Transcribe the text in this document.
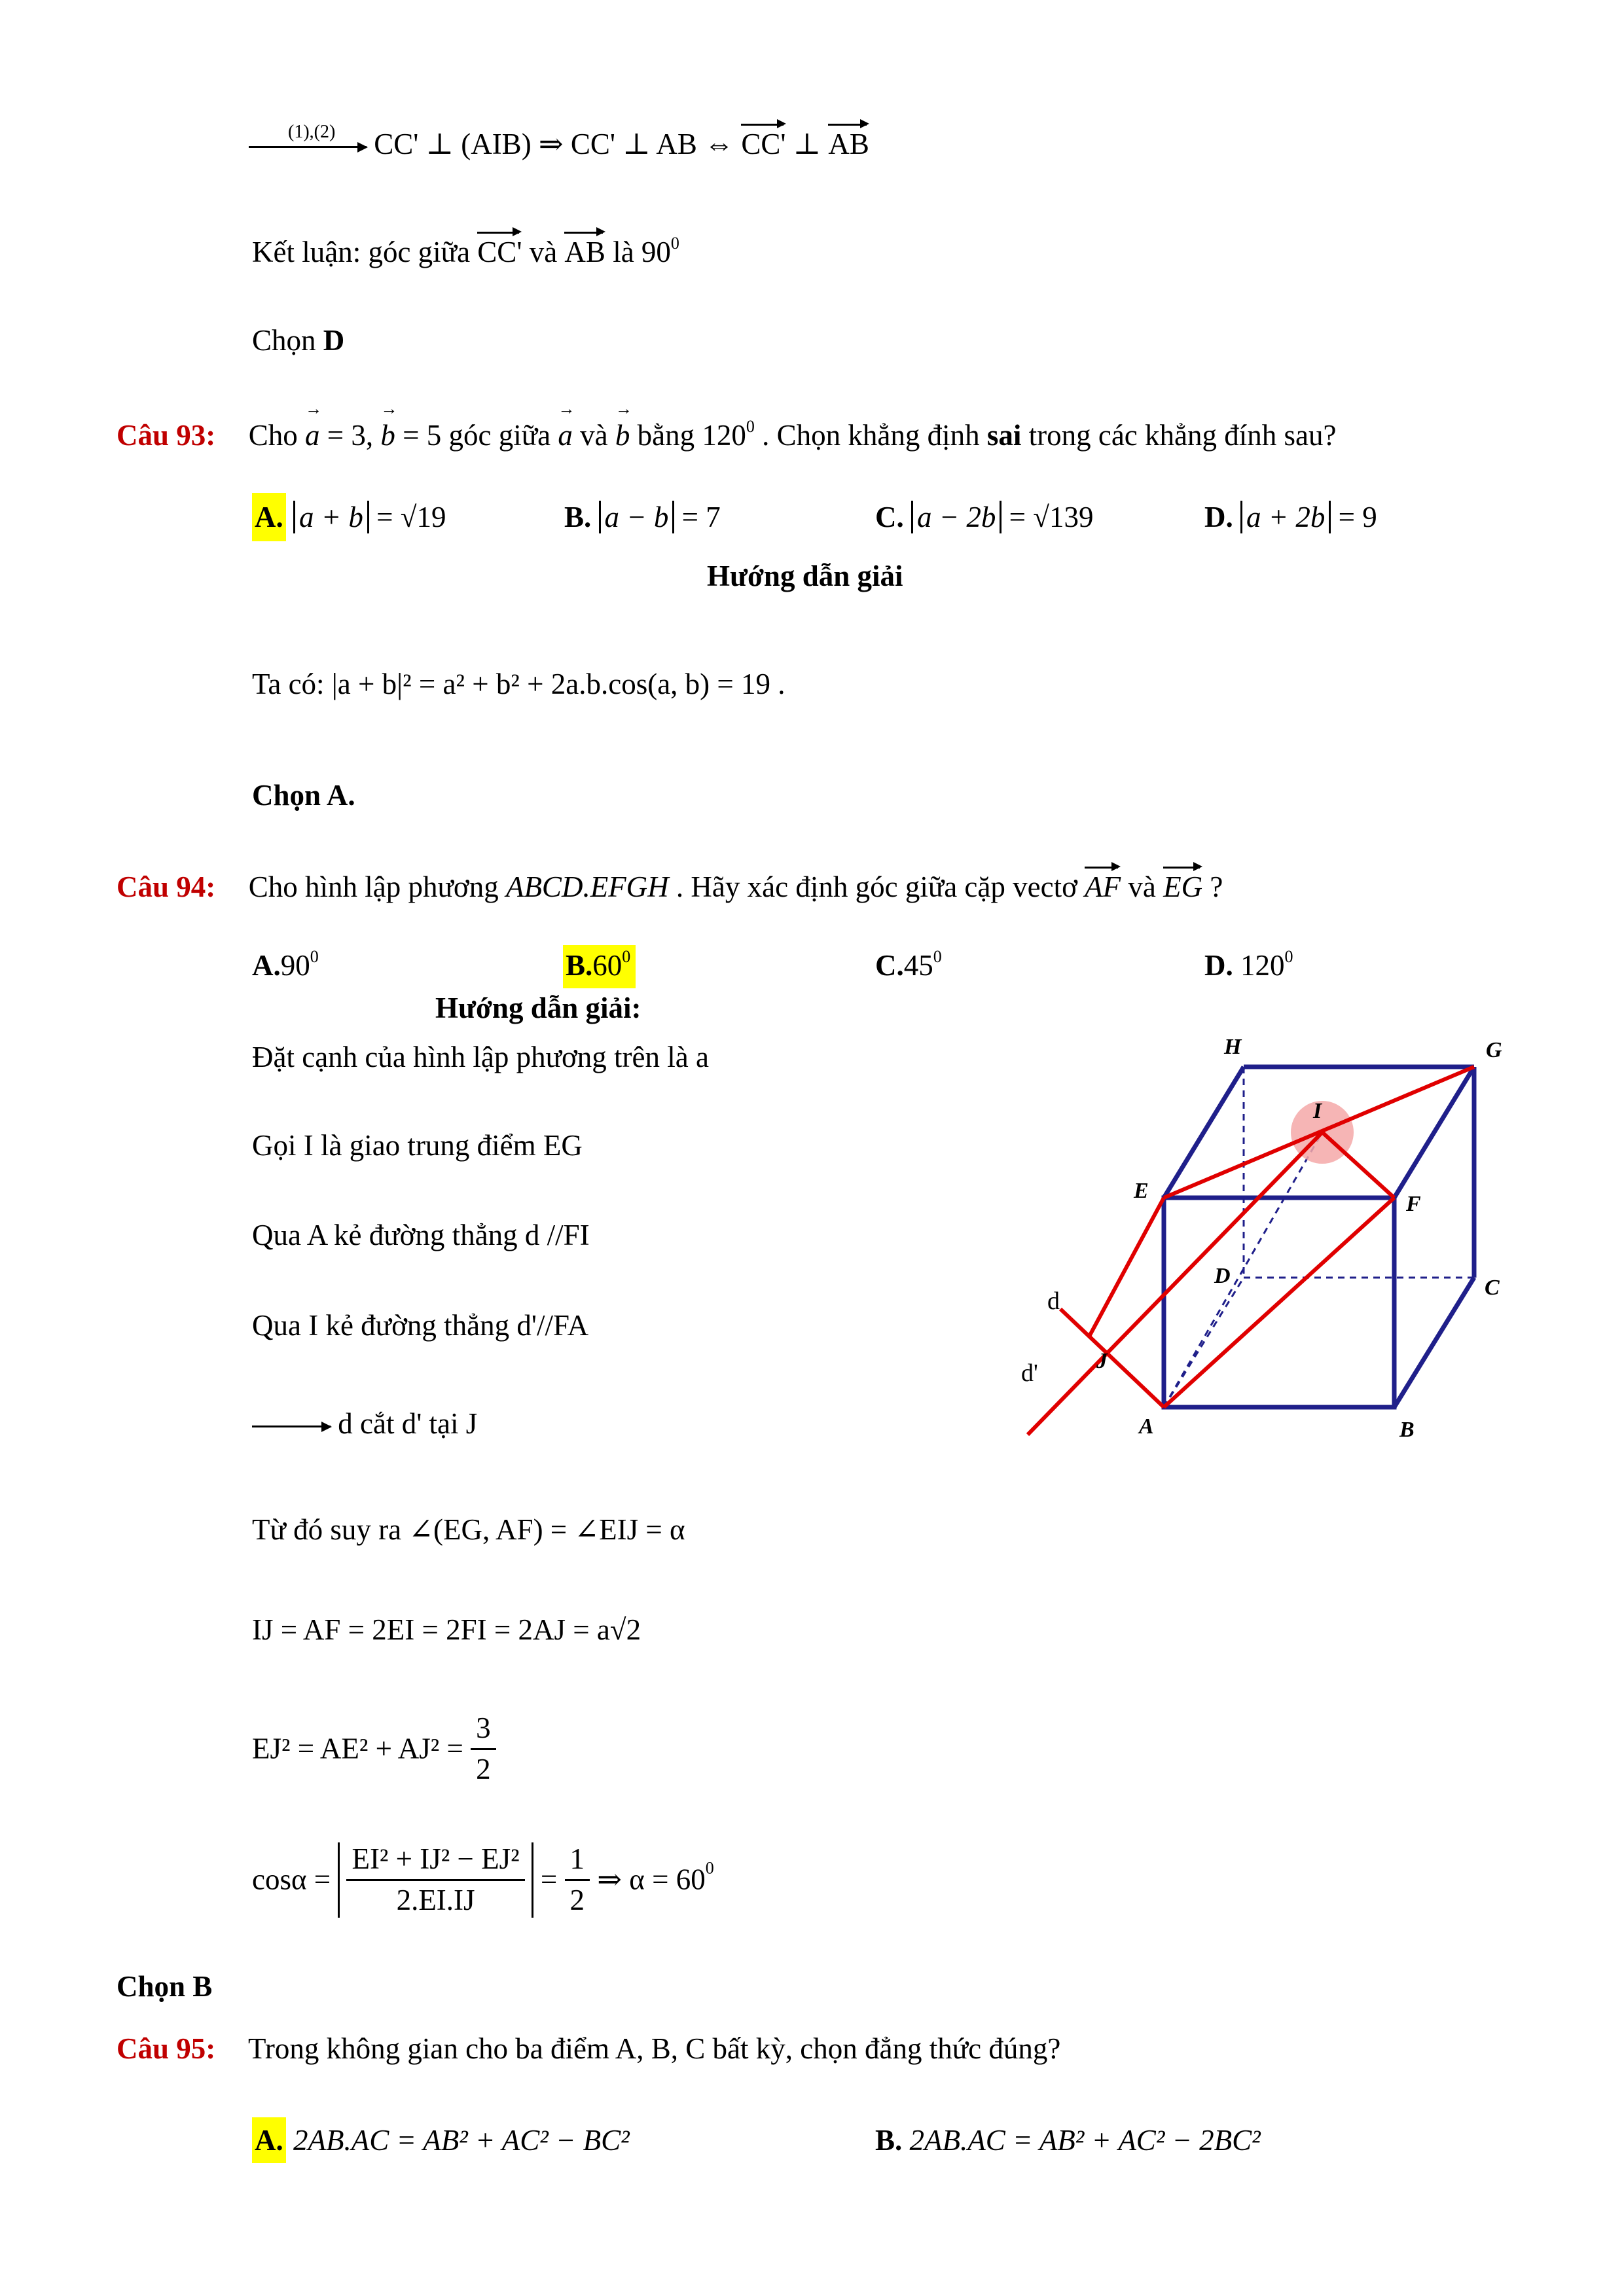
(1),(2) CC' ⊥ (AIB) ⇒ CC' ⊥ AB ⇔ CC' ⊥ AB
Kết luận: góc giữa CC' và AB là $90^0$
Chọn D
Câu 93: Cho a → = 3, b → = 5 góc giữa a → và b → bằng $120^0$ . Chọn khẳng định sai trong các khẳng đính sau?
A. a + b = √19	B. a − b = 7	C. a − 2b = √139	D. a + 2b = 9
Hướng dẫn giải
Ta có: |a + b|² = a² + b² + 2a.b.cos(a, b) = 19 .
Chọn A.
Câu 94: Cho hình lập phương ABCD.EFGH . Hãy xác định góc giữa cặp vectơ AF và EG ?
$A.90^0$	$B.60^0$	$C.45^0$	D. $120^0$
Hướng dẫn giải:
Đặt cạnh của hình lập phương trên là a
Gọi I là giao trung điểm EG
Qua A kẻ đường thẳng d //FI
Qua I kẻ đường thẳng d'//FA
d cắt d' tại J
Từ đó suy ra ∠(EG, AF) = ∠EIJ = α
IJ = AF = 2EI = 2FI = 2AJ = a√2
$EJ^2 = AE^2 + AJ^2 = \frac{3}{2}$
$\cos\alpha = \frac{\text{EI² + IJ² − EJ²}}{2.EI.IJ} = \frac{1}{2}$ ⇒ $\alpha = 60^0$
Chọn B
H	G
I
E
F
D	C
d
J
d'
A	B
Câu 95: Trong không gian cho ba điểm A, B, C bất kỳ, chọn đẳng thức đúng?
A. 2AB.AC = AB² + AC² − BC²	B. 2AB.AC = AB² + AC² − 2BC²
